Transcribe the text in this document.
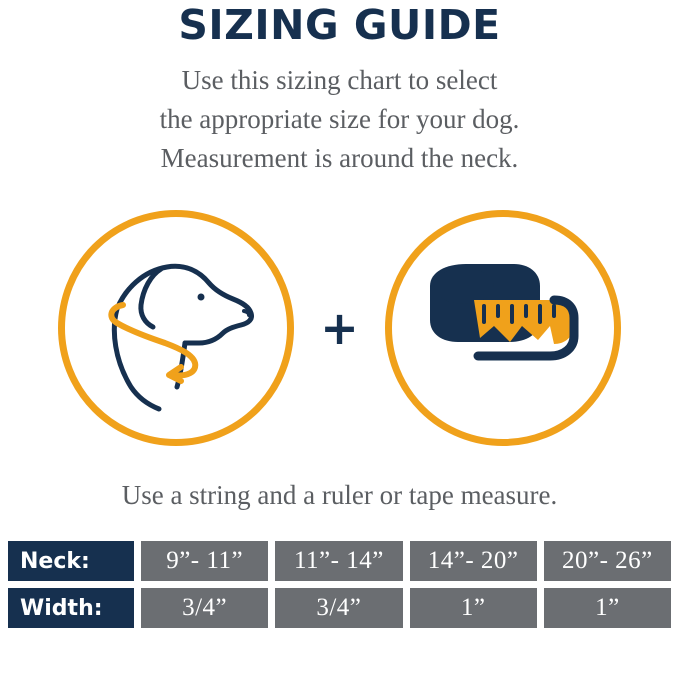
SIZING GUIDE
Use this sizing chart to select
the appropriate size for your dog.
Measurement is around the neck.
+
Use a string and a ruler or tape measure.
Neck:	9”- 11”	11”- 14”	14”- 20”	20”- 26”
Width:	3/4”	3/4”	1”	1”
